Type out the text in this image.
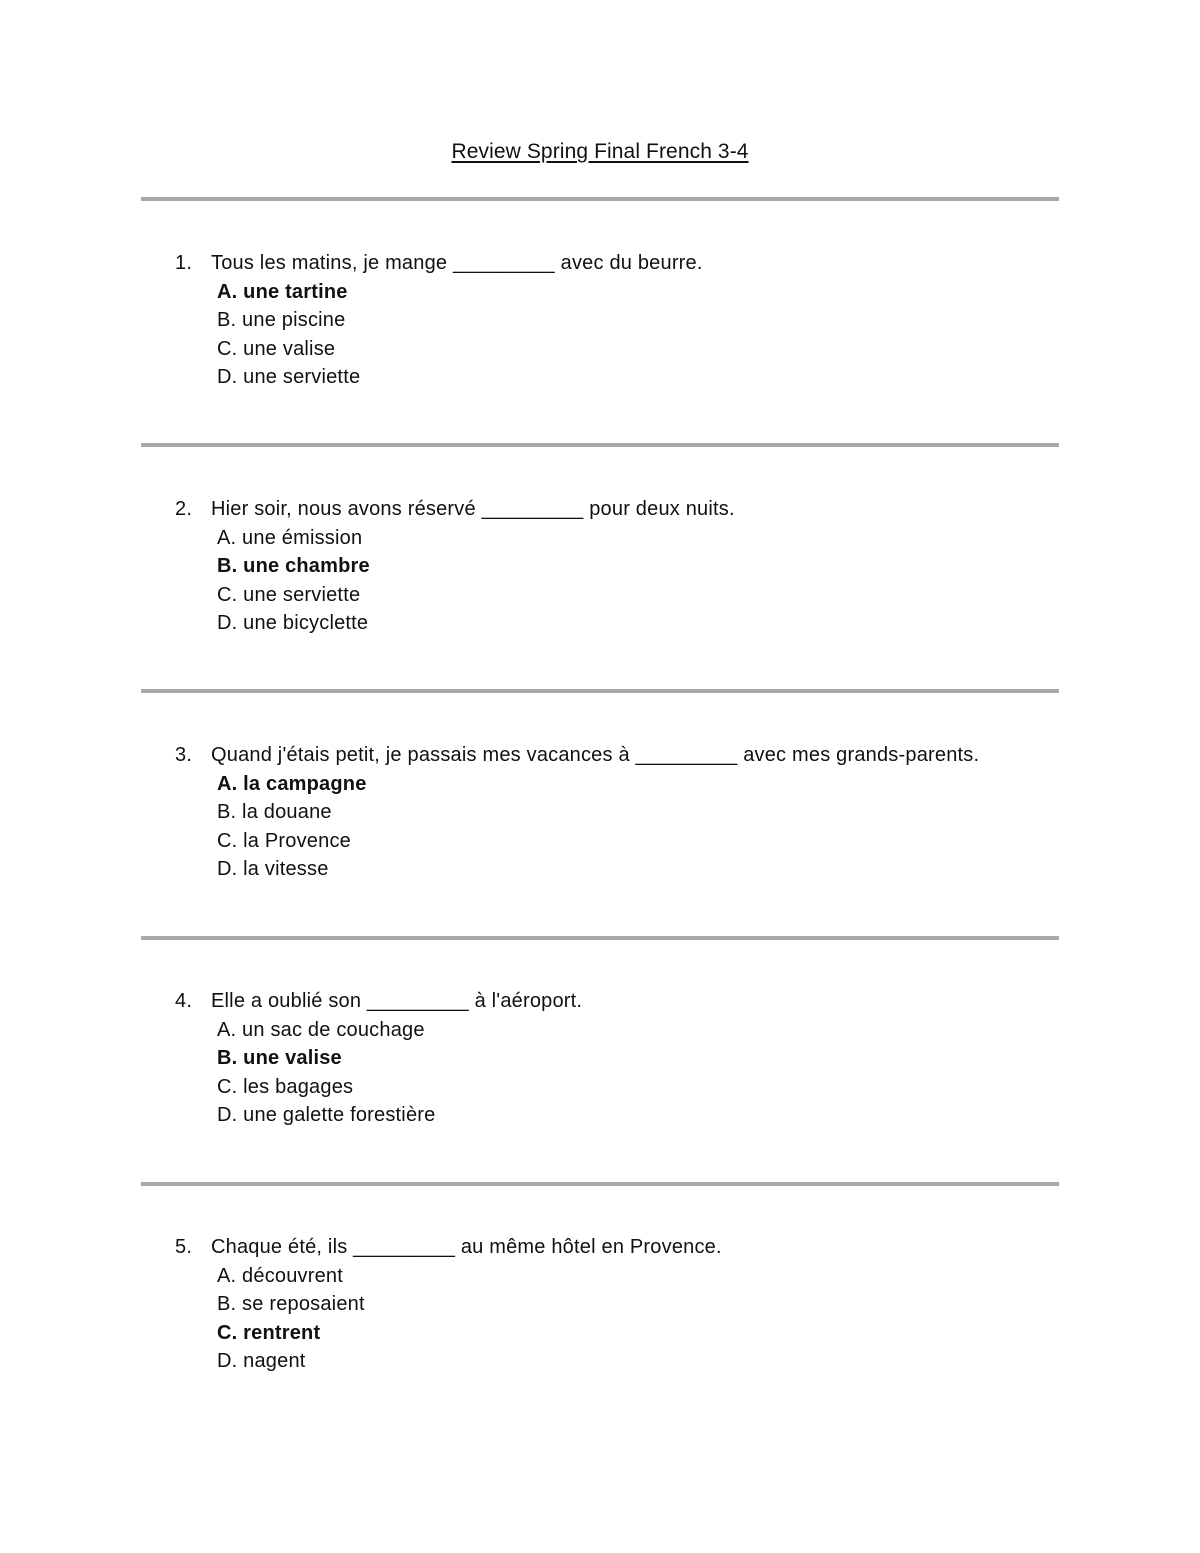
Review Spring Final French 3-4
1. Tous les matins, je mange _________ avec du beurre.
A. une tartine
B. une piscine
C. une valise
D. une serviette
2. Hier soir, nous avons réservé _________ pour deux nuits.
A. une émission
B. une chambre
C. une serviette
D. une bicyclette
3. Quand j'étais petit, je passais mes vacances à _________ avec mes grands-parents.
A. la campagne
B. la douane
C. la Provence
D. la vitesse
4. Elle a oublié son _________ à l'aéroport.
A. un sac de couchage
B. une valise
C. les bagages
D. une galette forestière
5. Chaque été, ils _________ au même hôtel en Provence.
A. découvrent
B. se reposaient
C. rentrent
D. nagent
